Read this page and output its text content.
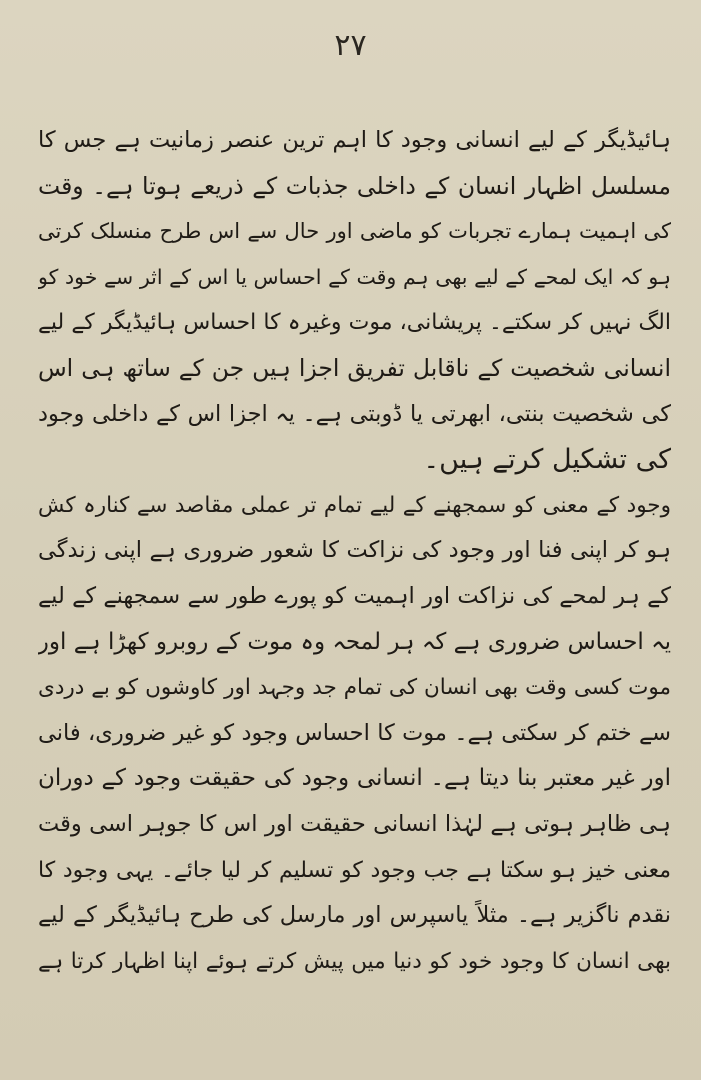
۲۷
ہائیڈیگر کے لیے انسانی وجود کا اہم ترین عنصر زمانیت ہے جس کا
مسلسل اظہار انسان کے داخلی جذبات کے ذریعے ہوتا ہے۔ وقت
کی اہمیت ہمارے تجربات کو ماضی اور حال سے اس طرح منسلک کرتی
ہو کہ ایک لمحے کے لیے بھی ہم وقت کے احساس یا اس کے اثر سے خود کو
الگ نہیں کر سکتے۔ پریشانی، موت وغیرہ کا احساس ہائیڈیگر کے لیے
انسانی شخصیت کے ناقابل تفریق اجزا ہیں جن کے ساتھ ہی اس
کی شخصیت بنتی، ابھرتی یا ڈوبتی ہے۔ یہ اجزا اس کے داخلی وجود
کی تشکیل کرتے ہیں۔
وجود کے معنی کو سمجھنے کے لیے تمام تر عملی مقاصد سے کنارہ کش
ہو کر اپنی فنا اور وجود کی نزاکت کا شعور ضروری ہے اپنی زندگی
کے ہر لمحے کی نزاکت اور اہمیت کو پورے طور سے سمجھنے کے لیے
یہ احساس ضروری ہے کہ ہر لمحہ وہ موت کے روبرو کھڑا ہے اور
موت کسی وقت بھی انسان کی تمام جد وجہد اور کاوشوں کو بے دردی
سے ختم کر سکتی ہے۔ موت کا احساس وجود کو غیر ضروری، فانی
اور غیر معتبر بنا دیتا ہے۔ انسانی وجود کی حقیقت وجود کے دوران
ہی ظاہر ہوتی ہے لہٰذا انسانی حقیقت اور اس کا جوہر اسی وقت
معنی خیز ہو سکتا ہے جب وجود کو تسلیم کر لیا جائے۔ یہی وجود کا
نقدم ناگزیر ہے۔ مثلاً یاسپرس اور مارسل کی طرح ہائیڈیگر کے لیے
بھی انسان کا وجود خود کو دنیا میں پیش کرتے ہوئے اپنا اظہار کرتا ہے
